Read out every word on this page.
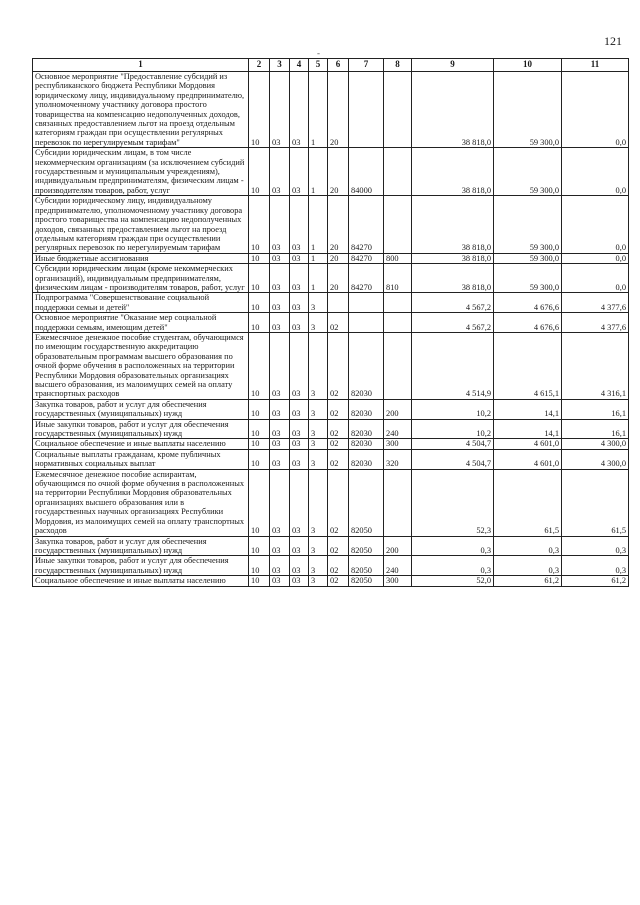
121
-
1	2	3	4	5	6	7	8	9	10	11
Основное мероприятие "Предоставление субсидий из республиканского бюджета Республики Мордовия юридическому лицу, индивидуальному предпринимателю, уполномоченному участнику договора простого товарищества на компенсацию недополученных доходов, связанных предоставлением льгот на проезд отдельным категориям граждан при осуществлении регулярных перевозок по нерегулируемым тарифам"	10	03	03	1	20			38 818,0	59 300,0	0,0
Субсидии юридическим лицам, в том числе некоммерческим организациям (за исключением субсидий государственным и муниципальным учреждениям), индивидуальным предпринимателям, физическим лицам - производителям товаров, работ, услуг	10	03	03	1	20	84000		38 818,0	59 300,0	0,0
Субсидии юридическому лицу, индивидуальному предпринимателю, уполномоченному участнику договора простого товарищества на компенсацию недополученных доходов, связанных предоставлением льгот на проезд отдельным категориям граждан при осуществлении регулярных перевозок по нерегулируемым тарифам	10	03	03	1	20	84270		38 818,0	59 300,0	0,0
Иные бюджетные ассигнования	10	03	03	1	20	84270	800	38 818,0	59 300,0	0,0
Субсидии юридическим лицам (кроме некоммерческих организаций), индивидуальным предпринимателям, физическим лицам - производителям товаров, работ, услуг	10	03	03	1	20	84270	810	38 818,0	59 300,0	0,0
Подпрограмма "Совершенствование социальной поддержки семьи и детей"	10	03	03	3				4 567,2	4 676,6	4 377,6
Основное мероприятие "Оказание мер социальной поддержки семьям, имеющим детей"	10	03	03	3	02			4 567,2	4 676,6	4 377,6
Ежемесячное денежное пособие студентам, обучающимся по имеющим государственную аккредитацию образовательным программам высшего образования по очной форме обучения в расположенных на территории Республики Мордовия образовательных организациях высшего образования, из малоимущих семей на оплату транспортных расходов	10	03	03	3	02	82030		4 514,9	4 615,1	4 316,1
Закупка товаров, работ и услуг для обеспечения государственных (муниципальных) нужд	10	03	03	3	02	82030	200	10,2	14,1	16,1
Иные закупки товаров, работ и услуг для обеспечения государственных (муниципальных) нужд	10	03	03	3	02	82030	240	10,2	14,1	16,1
Социальное обеспечение и иные выплаты населению	10	03	03	3	02	82030	300	4 504,7	4 601,0	4 300,0
Социальные выплаты гражданам, кроме публичных нормативных социальных выплат	10	03	03	3	02	82030	320	4 504,7	4 601,0	4 300,0
Ежемесячное денежное пособие аспирантам, обучающимся по очной форме обучения в расположенных на территории Республики Мордовия образовательных организациях высшего образования или в государственных научных организациях Республики Мордовия, из малоимущих семей на оплату транспортных расходов	10	03	03	3	02	82050		52,3	61,5	61,5
Закупка товаров, работ и услуг для обеспечения государственных (муниципальных) нужд	10	03	03	3	02	82050	200	0,3	0,3	0,3
Иные закупки товаров, работ и услуг для обеспечения государственных (муниципальных) нужд	10	03	03	3	02	82050	240	0,3	0,3	0,3
Социальное обеспечение и иные выплаты населению	10	03	03	3	02	82050	300	52,0	61,2	61,2
